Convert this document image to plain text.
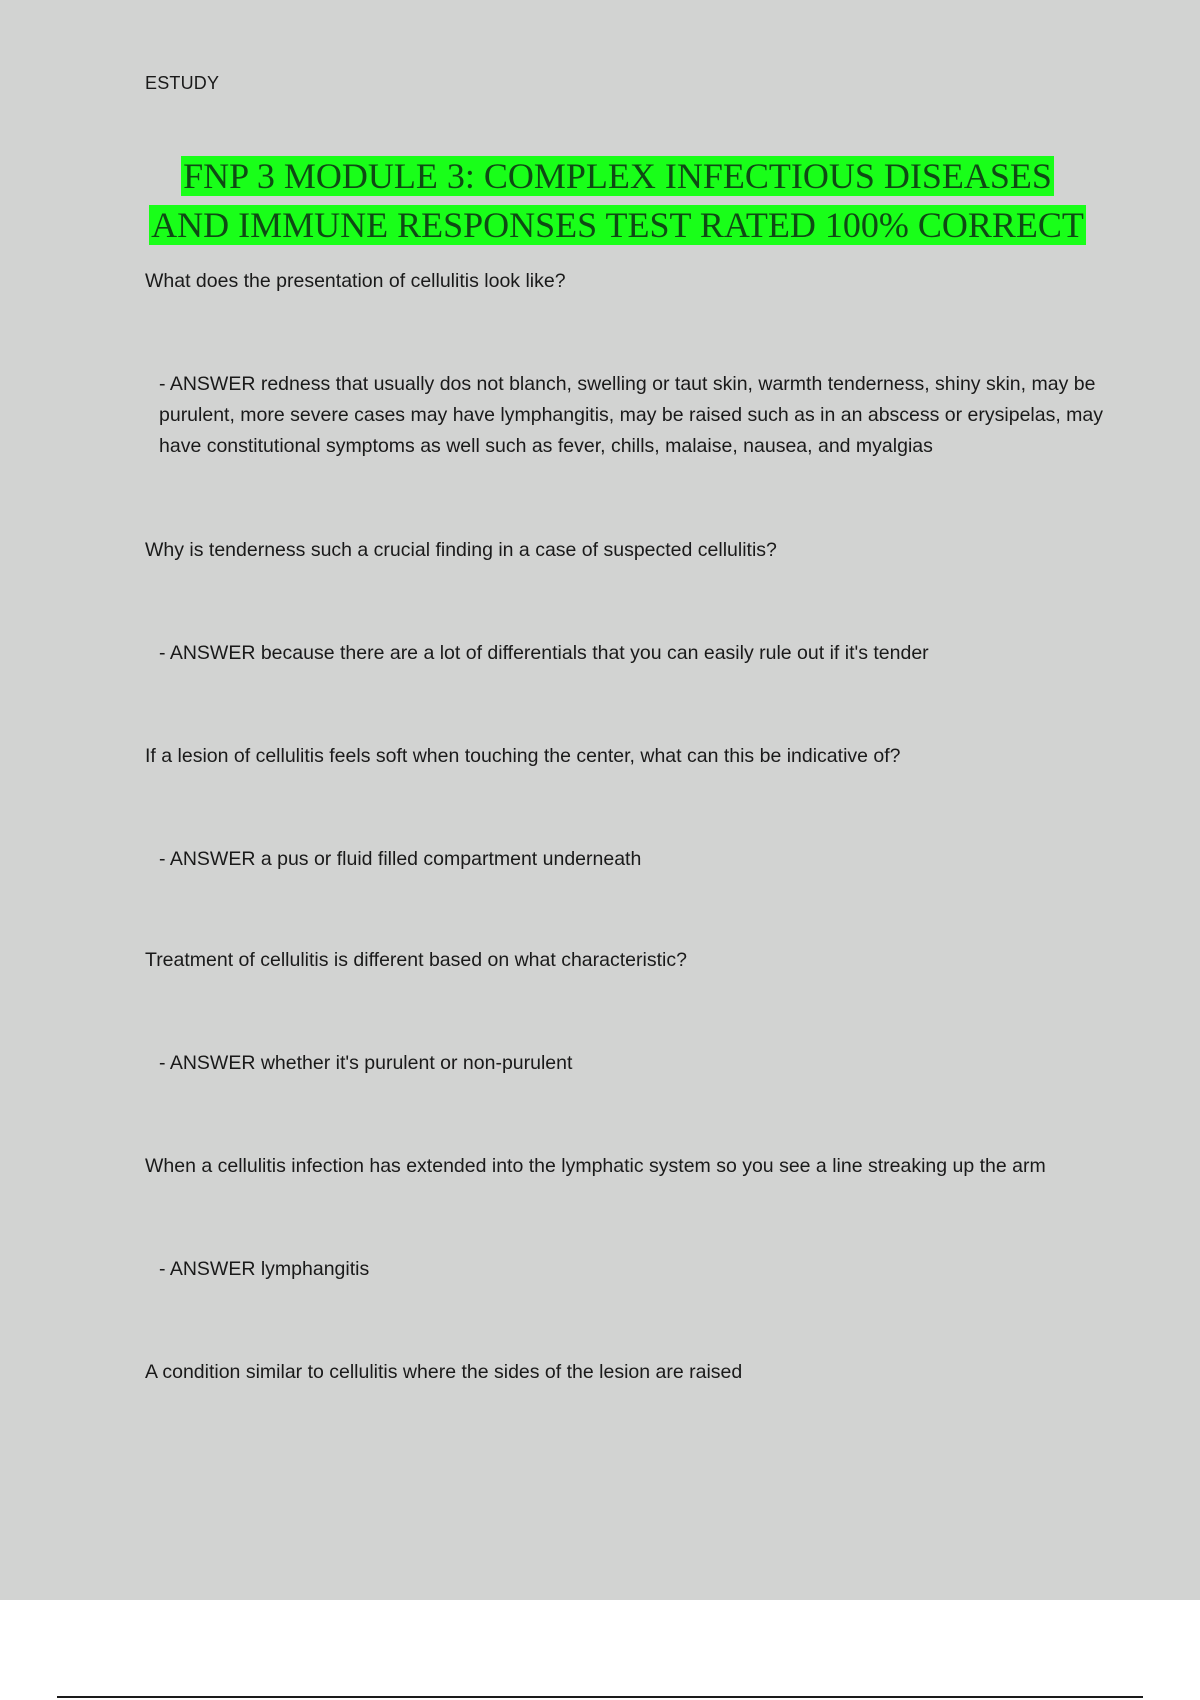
ESTUDY
FNP 3 MODULE 3: COMPLEX INFECTIOUS DISEASES
AND IMMUNE RESPONSES TEST RATED 100% CORRECT
What does the presentation of cellulitis look like?
- ANSWER redness that usually dos not blanch, swelling or taut skin, warmth tenderness, shiny skin, may be purulent, more severe cases may have lymphangitis, may be raised such as in an abscess or erysipelas, may have constitutional symptoms as well such as fever, chills, malaise, nausea, and myalgias
Why is tenderness such a crucial finding in a case of suspected cellulitis?
- ANSWER because there are a lot of differentials that you can easily rule out if it's tender
If a lesion of cellulitis feels soft when touching the center, what can this be indicative of?
- ANSWER a pus or fluid filled compartment underneath
Treatment of cellulitis is different based on what characteristic?
- ANSWER whether it's purulent or non-purulent
When a cellulitis infection has extended into the lymphatic system so you see a line streaking up the arm
- ANSWER lymphangitis
A condition similar to cellulitis where the sides of the lesion are raised
